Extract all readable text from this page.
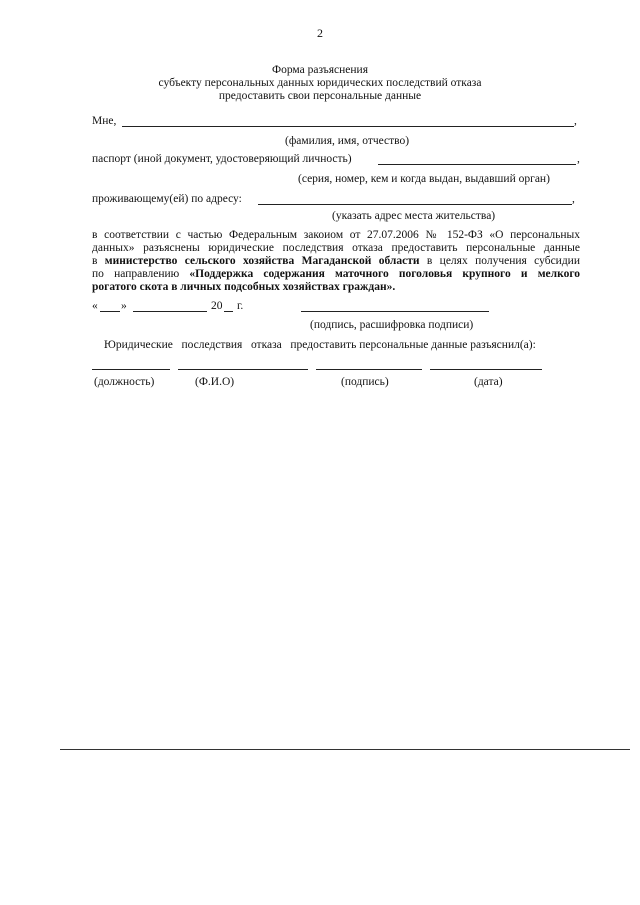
2
Форма разъяснения
субъекту персональных данных юридических последствий отказа
предоставить свои персональные данные
Мне,	,
(фамилия, имя, отчество)
паспорт (иной документ, удостоверяющий личность)	,
(серия, номер, кем и когда выдан, выдавший орган)
проживающему(ей) по адресу:	,
(указать адрес места жительства)
в соответствии с частью Федеральным закоиом от 27.07.2006 № 152-ФЗ «О персональных
данных» разъяснены юридические последствия отказа предоставить персональные данные
в министерство сельского хозяйства Магаданской области в целях получения субсидии
по направлению «Поддержка содержания маточного поголовья крупного и мелкого
рогатого скота в личных подсобных хозяйствах граждан».
« »	20 г.
(подпись, расшифровка подписи)
Юридические   последствия   отказа   предоставить персональные данные разъяснил(а):
(должность)	(Ф.И.О)	(подпись)	(дата)
